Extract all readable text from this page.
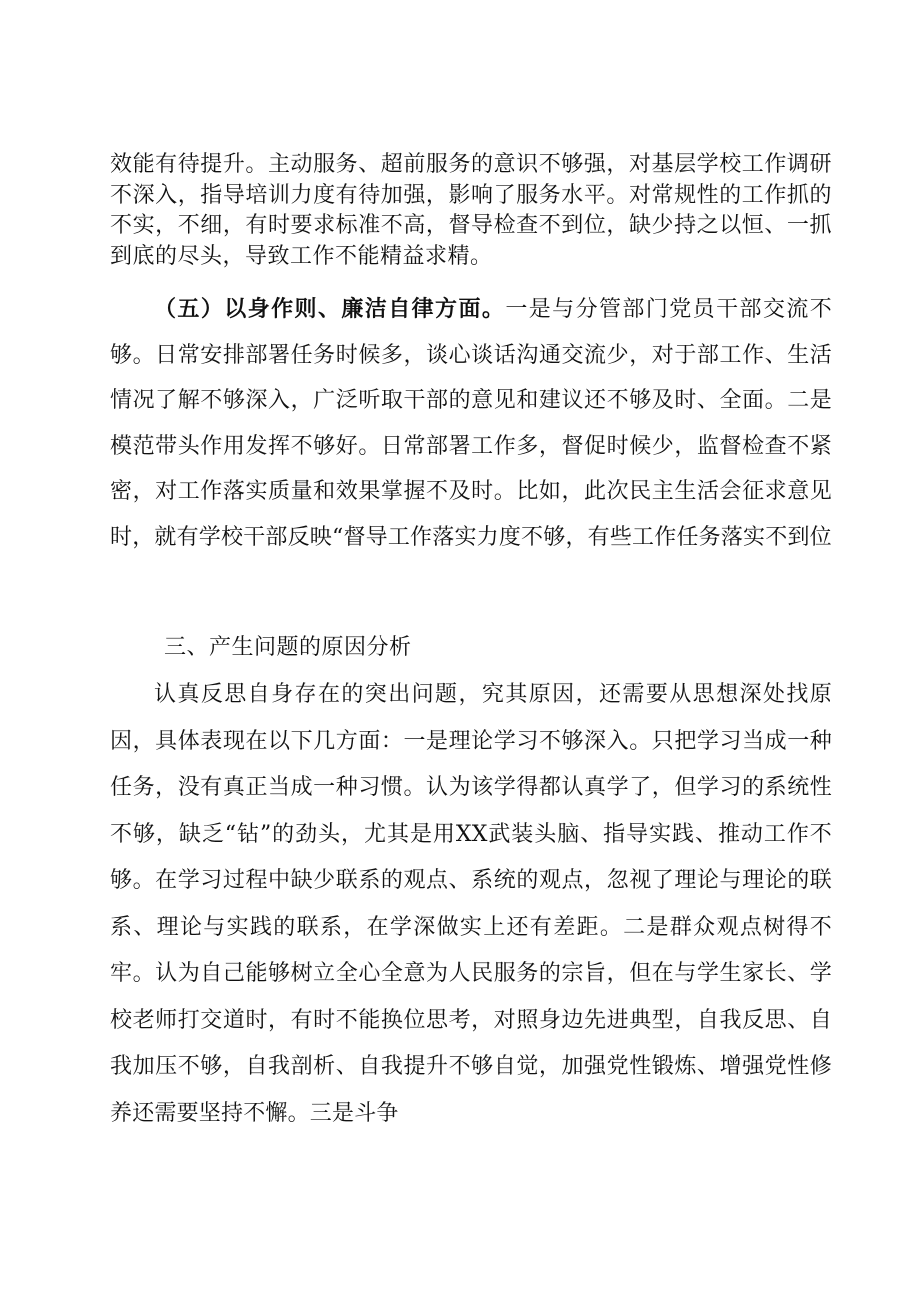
效能有待提升。主动服务、超前服务的意识不够强，对基层学校工作调研不深入，指导培训力度有待加强，影响了服务水平。对常规性的工作抓的不实，不细，有时要求标准不高，督导检查不到位，缺少持之以恒、一抓到底的尽头，导致工作不能精益求精。

（五）以身作则、廉洁自律方面。一是与分管部门党员干部交流不够。日常安排部署任务时候多，谈心谈话沟通交流少，对于部工作、生活情况了解不够深入，广泛听取干部的意见和建议还不够及时、全面。二是模范带头作用发挥不够好。日常部署工作多，督促时候少，监督检查不紧密，对工作落实质量和效果掌握不及时。比如，此次民主生活会征求意见时，就有学校干部反映“督导工作落实力度不够，有些工作任务落实不到位

三、产生问题的原因分析

认真反思自身存在的突出问题，究其原因，还需要从思想深处找原因，具体表现在以下几方面：一是理论学习不够深入。只把学习当成一种任务，没有真正当成一种习惯。认为该学得都认真学了，但学习的系统性不够，缺乏“钻”的劲头，尤其是用XX武装头脑、指导实践、推动工作不够。在学习过程中缺少联系的观点、系统的观点，忽视了理论与理论的联系、理论与实践的联系，在学深做实上还有差距。二是群众观点树得不牢。认为自己能够树立全心全意为人民服务的宗旨，但在与学生家长、学校老师打交道时，有时不能换位思考，对照身边先进典型，自我反思、自我加压不够，自我剖析、自我提升不够自觉，加强党性锻炼、增强党性修养还需要坚持不懈。三是斗争
